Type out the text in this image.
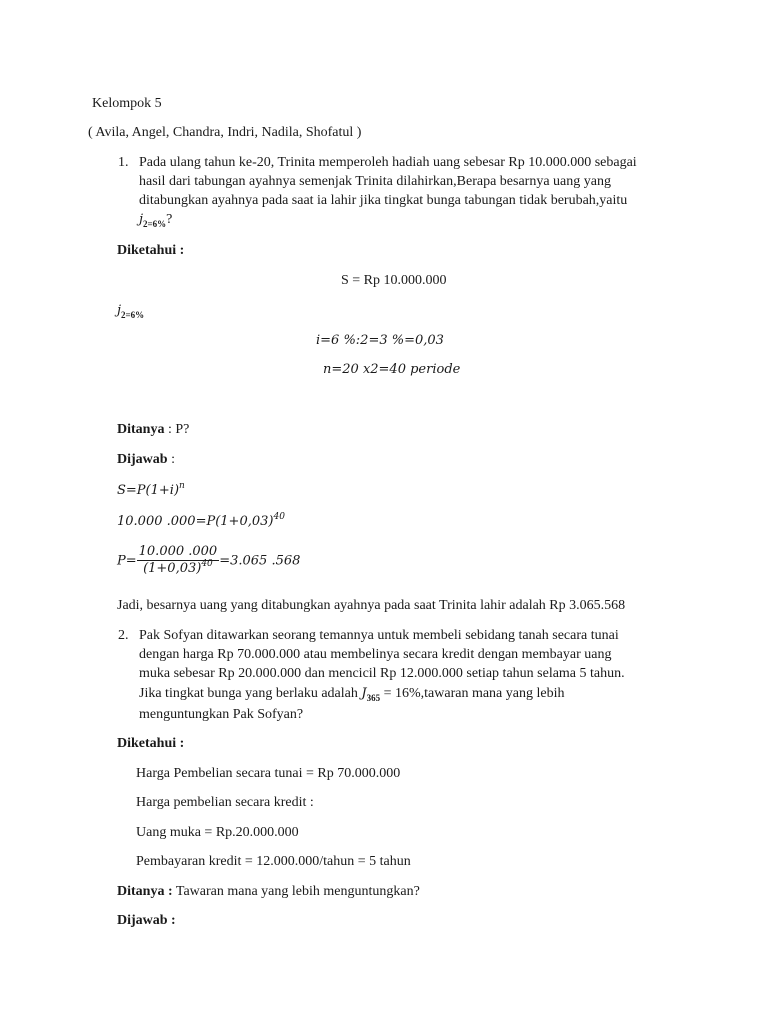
Kelompok 5
( Avila, Angel, Chandra, Indri, Nadila, Shofatul )
1. Pada ulang tahun ke-20, Trinita memperoleh hadiah uang sebesar Rp 10.000.000 sebagai
hasil dari tabungan ayahnya semenjak Trinita dilahirkan,Berapa besarnya uang yang
ditabungkan ayahnya pada saat ia lahir jika tingkat bunga tabungan tidak berubah,yaitu
$j_{2=6\%}$?
Diketahui :
S = Rp 10.000.000
$j_{2=6\%}$
i=6 %:2=3 %=0,03
n=20 x2=40 periode
Ditanya : P?
Dijawab :
$S=P(1+i)^n$
10.000 $.000=P(1+0,03)^{40}$
$P= \frac{10.000 .000}{(1+0,03)^{40}} =3.065$ .568
Jadi, besarnya uang yang ditabungkan ayahnya pada saat Trinita lahir adalah Rp 3.065.568
2. Pak Sofyan ditawarkan seorang temannya untuk membeli sebidang tanah secara tunai
dengan harga Rp 70.000.000 atau membelinya secara kredit dengan membayar uang
muka sebesar Rp 20.000.000 dan mencicil Rp 12.000.000 setiap tahun selama 5 tahun.
Jika tingkat bunga yang berlaku adalah $J_{365}$ = 16%,tawaran mana yang lebih
menguntungkan Pak Sofyan?
Diketahui :
Harga Pembelian secara tunai = Rp 70.000.000
Harga pembelian secara kredit :
Uang muka = Rp.20.000.000
Pembayaran kredit = 12.000.000/tahun = 5 tahun
Ditanya : Tawaran mana yang lebih menguntungkan?
Dijawab :
